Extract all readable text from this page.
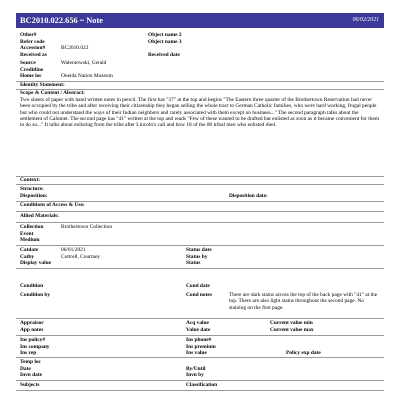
BC2010.022.656 ~ Note	06/02/2021
Other#	Object name 2
Refer code	Object name 3
Accession#	BC2010.022
Received as	Received date
Source	Walentowski, Gerald
Creditline
Home loc	Oneida Nation Museum
Identity Statement:
Scope & Content / Abstract:
Two sheets of paper with hand written notes in pencil. The first has "37" at the top and begins "The Eastern three quarter of the Brothertown Reservation had never been occupied by the tribe and after receiving their citizenship they began selling the whole tract to German Catholic families, who were hard working, frugal people but who could not understand the ways of their Indian neighbors and rarely associated with them except on business..." The second paragraph talks about the settlement of Calumet. The second page has "41" written at the top and reads "Few of these wanted to be drafted but enlisted as soon as it became convenient for them to do so..." It talks about enlisting from the tribe after Lincoln's call and how 18 of the 80 tribal men who enlisted died.
Context:
Structure:
Disposition:	Disposition date:
Conditions of Access & Use:
Allied Materials:
Collection	Brothertown Collection
Event
Medium
Catdate	06/01/2021	Status date
Catby	Cottrell, Courtney	Status by
Display value	Status
Condition	Cond date
Condition by	Cond notes	There are dark stains across the top of the back page with "41" at the top. There are also light stains throughout the second page. No staining on the first page.
Appraisor	Acq value	Current value min
App notes	Value date	Current value max
Ins policy#	Ins phone#
Ins company	Ins premium
Ins rep	Ins value	Policy exp date
Temp loc
Date	By/Until
Invn date	Invn by
Subjects	Classification
